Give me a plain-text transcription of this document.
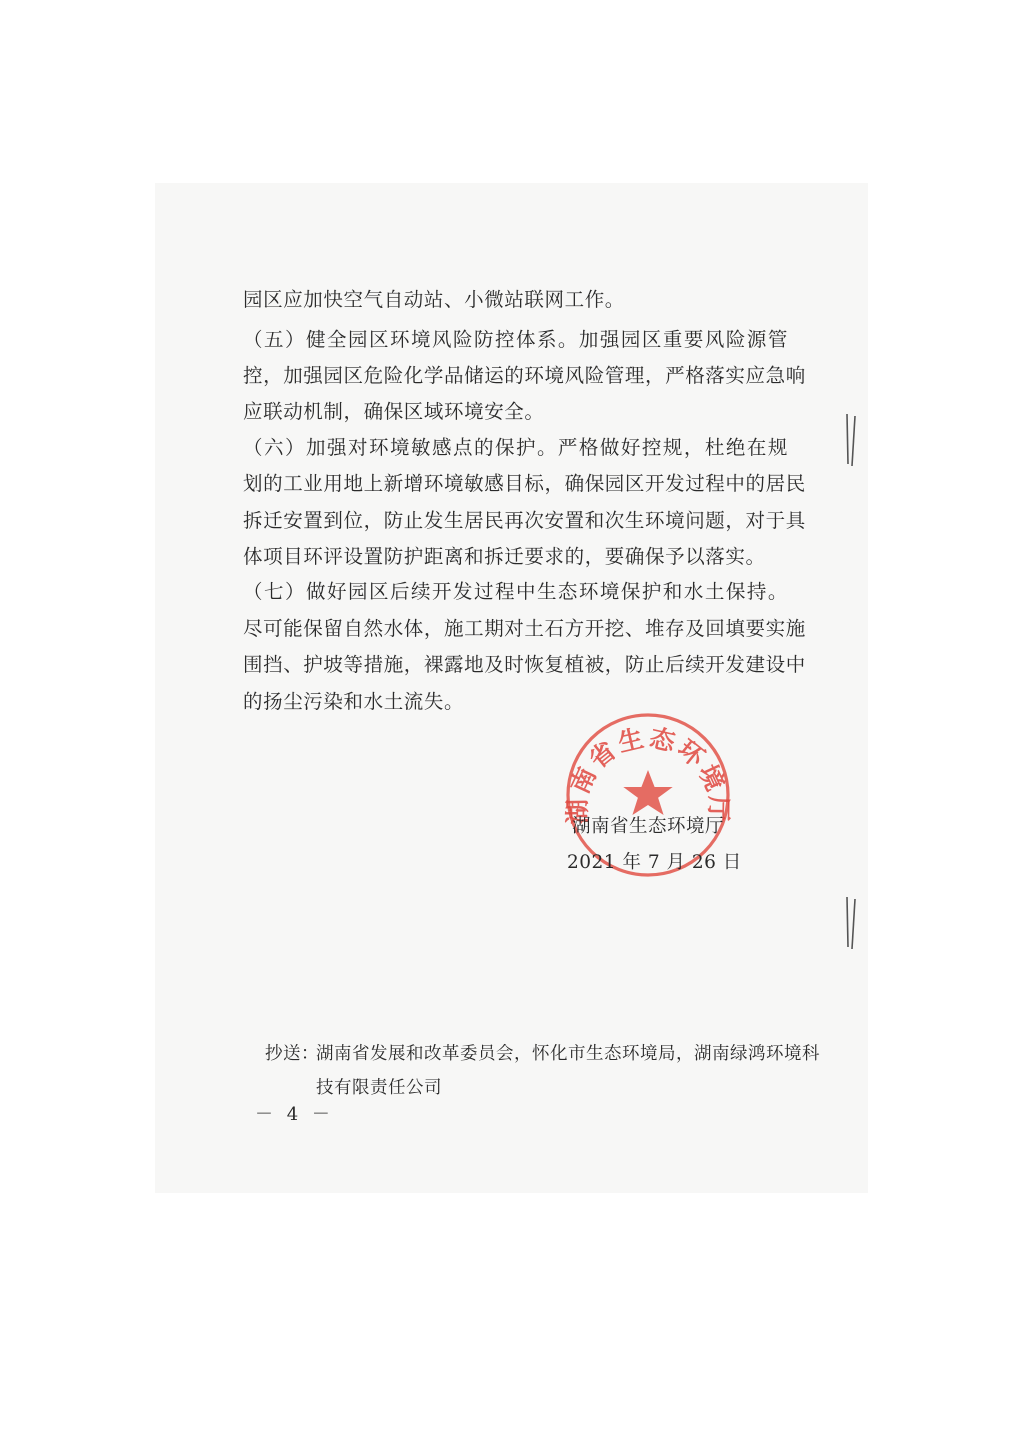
园区应加快空气自动站、小微站联网工作。
（五）健全园区环境风险防控体系。加强园区重要风险源管
控，加强园区危险化学品储运的环境风险管理，严格落实应急响
应联动机制，确保区域环境安全。
（六）加强对环境敏感点的保护。严格做好控规，杜绝在规
划的工业用地上新增环境敏感目标，确保园区开发过程中的居民
拆迁安置到位，防止发生居民再次安置和次生环境问题，对于具
体项目环评设置防护距离和拆迁要求的，要确保予以落实。
（七）做好园区后续开发过程中生态环境保护和水土保持。
尽可能保留自然水体，施工期对土石方开挖、堆存及回填要实施
围挡、护坡等措施，裸露地及时恢复植被，防止后续开发建设中
的扬尘污染和水土流失。
湖南省生态环境厅
湖南省生态环境厅
2021 年 7 月 26 日
抄送：
湖南省发展和改革委员会，怀化市生态环境局，湖南绿鸿环境科
技有限责任公司
－ 4 －
